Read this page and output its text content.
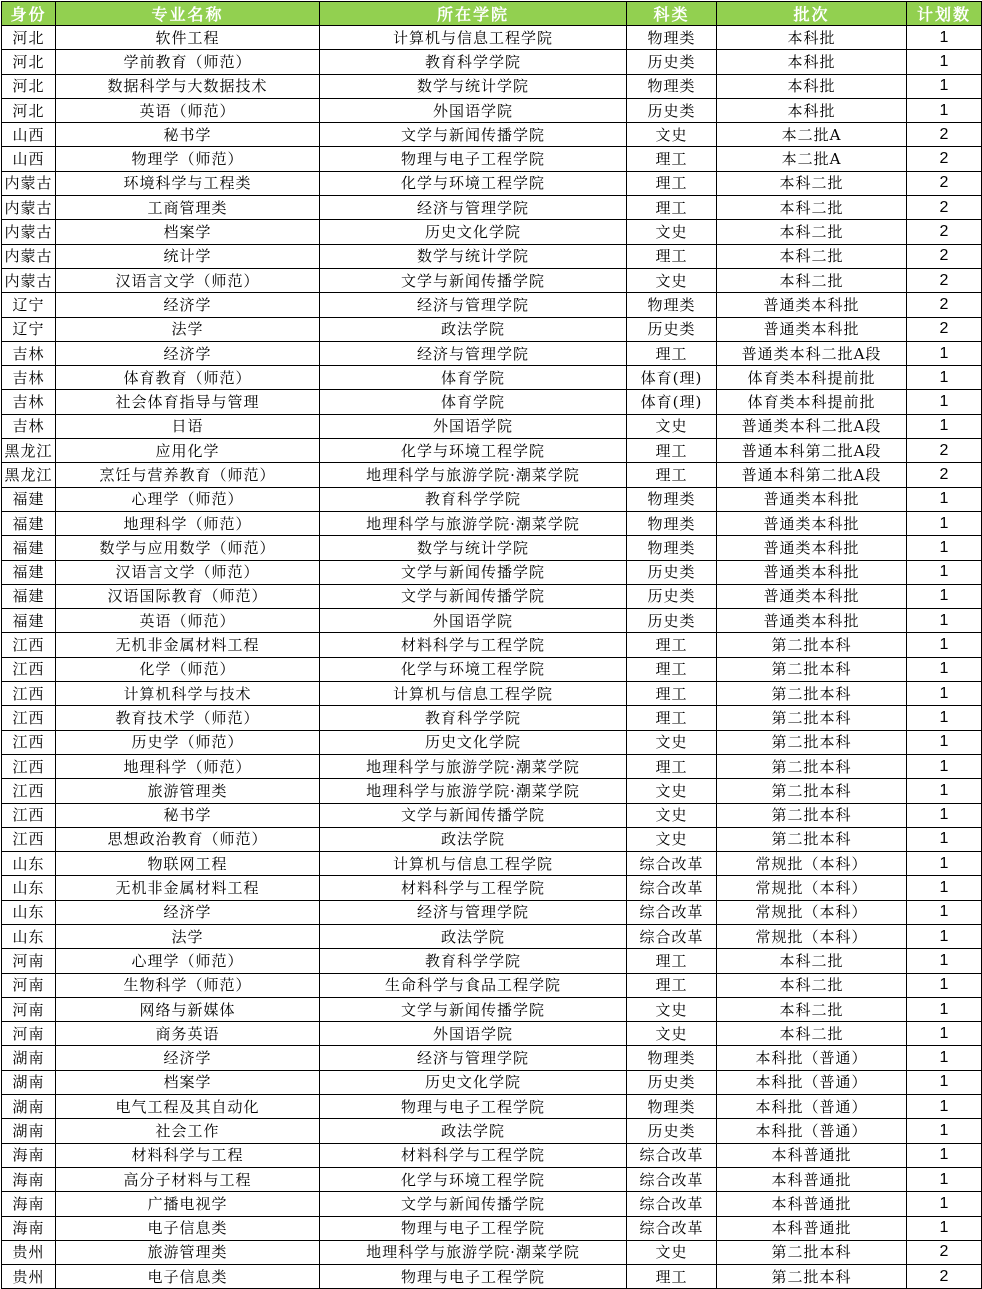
身份	专业名称	所在学院	科类	批次	计划数
河北	软件工程	计算机与信息工程学院	物理类	本科批	1
河北	学前教育（师范）	教育科学学院	历史类	本科批	1
河北	数据科学与大数据技术	数学与统计学院	物理类	本科批	1
河北	英语（师范）	外国语学院	历史类	本科批	1
山西	秘书学	文学与新闻传播学院	文史	本二批A	2
山西	物理学（师范）	物理与电子工程学院	理工	本二批A	2
内蒙古	环境科学与工程类	化学与环境工程学院	理工	本科二批	2
内蒙古	工商管理类	经济与管理学院	理工	本科二批	2
内蒙古	档案学	历史文化学院	文史	本科二批	2
内蒙古	统计学	数学与统计学院	理工	本科二批	2
内蒙古	汉语言文学（师范）	文学与新闻传播学院	文史	本科二批	2
辽宁	经济学	经济与管理学院	物理类	普通类本科批	2
辽宁	法学	政法学院	历史类	普通类本科批	2
吉林	经济学	经济与管理学院	理工	普通类本科二批A段	1
吉林	体育教育（师范）	体育学院	体育(理)	体育类本科提前批	1
吉林	社会体育指导与管理	体育学院	体育(理)	体育类本科提前批	1
吉林	日语	外国语学院	文史	普通类本科二批A段	1
黑龙江	应用化学	化学与环境工程学院	理工	普通本科第二批A段	2
黑龙江	烹饪与营养教育（师范）	地理科学与旅游学院·潮菜学院	理工	普通本科第二批A段	2
福建	心理学（师范）	教育科学学院	物理类	普通类本科批	1
福建	地理科学（师范）	地理科学与旅游学院·潮菜学院	物理类	普通类本科批	1
福建	数学与应用数学（师范）	数学与统计学院	物理类	普通类本科批	1
福建	汉语言文学（师范）	文学与新闻传播学院	历史类	普通类本科批	1
福建	汉语国际教育（师范）	文学与新闻传播学院	历史类	普通类本科批	1
福建	英语（师范）	外国语学院	历史类	普通类本科批	1
江西	无机非金属材料工程	材料科学与工程学院	理工	第二批本科	1
江西	化学（师范）	化学与环境工程学院	理工	第二批本科	1
江西	计算机科学与技术	计算机与信息工程学院	理工	第二批本科	1
江西	教育技术学（师范）	教育科学学院	理工	第二批本科	1
江西	历史学（师范）	历史文化学院	文史	第二批本科	1
江西	地理科学（师范）	地理科学与旅游学院·潮菜学院	理工	第二批本科	1
江西	旅游管理类	地理科学与旅游学院·潮菜学院	文史	第二批本科	1
江西	秘书学	文学与新闻传播学院	文史	第二批本科	1
江西	思想政治教育（师范）	政法学院	文史	第二批本科	1
山东	物联网工程	计算机与信息工程学院	综合改革	常规批（本科）	1
山东	无机非金属材料工程	材料科学与工程学院	综合改革	常规批（本科）	1
山东	经济学	经济与管理学院	综合改革	常规批（本科）	1
山东	法学	政法学院	综合改革	常规批（本科）	1
河南	心理学（师范）	教育科学学院	理工	本科二批	1
河南	生物科学（师范）	生命科学与食品工程学院	理工	本科二批	1
河南	网络与新媒体	文学与新闻传播学院	文史	本科二批	1
河南	商务英语	外国语学院	文史	本科二批	1
湖南	经济学	经济与管理学院	物理类	本科批（普通）	1
湖南	档案学	历史文化学院	历史类	本科批（普通）	1
湖南	电气工程及其自动化	物理与电子工程学院	物理类	本科批（普通）	1
湖南	社会工作	政法学院	历史类	本科批（普通）	1
海南	材料科学与工程	材料科学与工程学院	综合改革	本科普通批	1
海南	高分子材料与工程	化学与环境工程学院	综合改革	本科普通批	1
海南	广播电视学	文学与新闻传播学院	综合改革	本科普通批	1
海南	电子信息类	物理与电子工程学院	综合改革	本科普通批	1
贵州	旅游管理类	地理科学与旅游学院·潮菜学院	文史	第二批本科	2
贵州	电子信息类	物理与电子工程学院	理工	第二批本科	2
